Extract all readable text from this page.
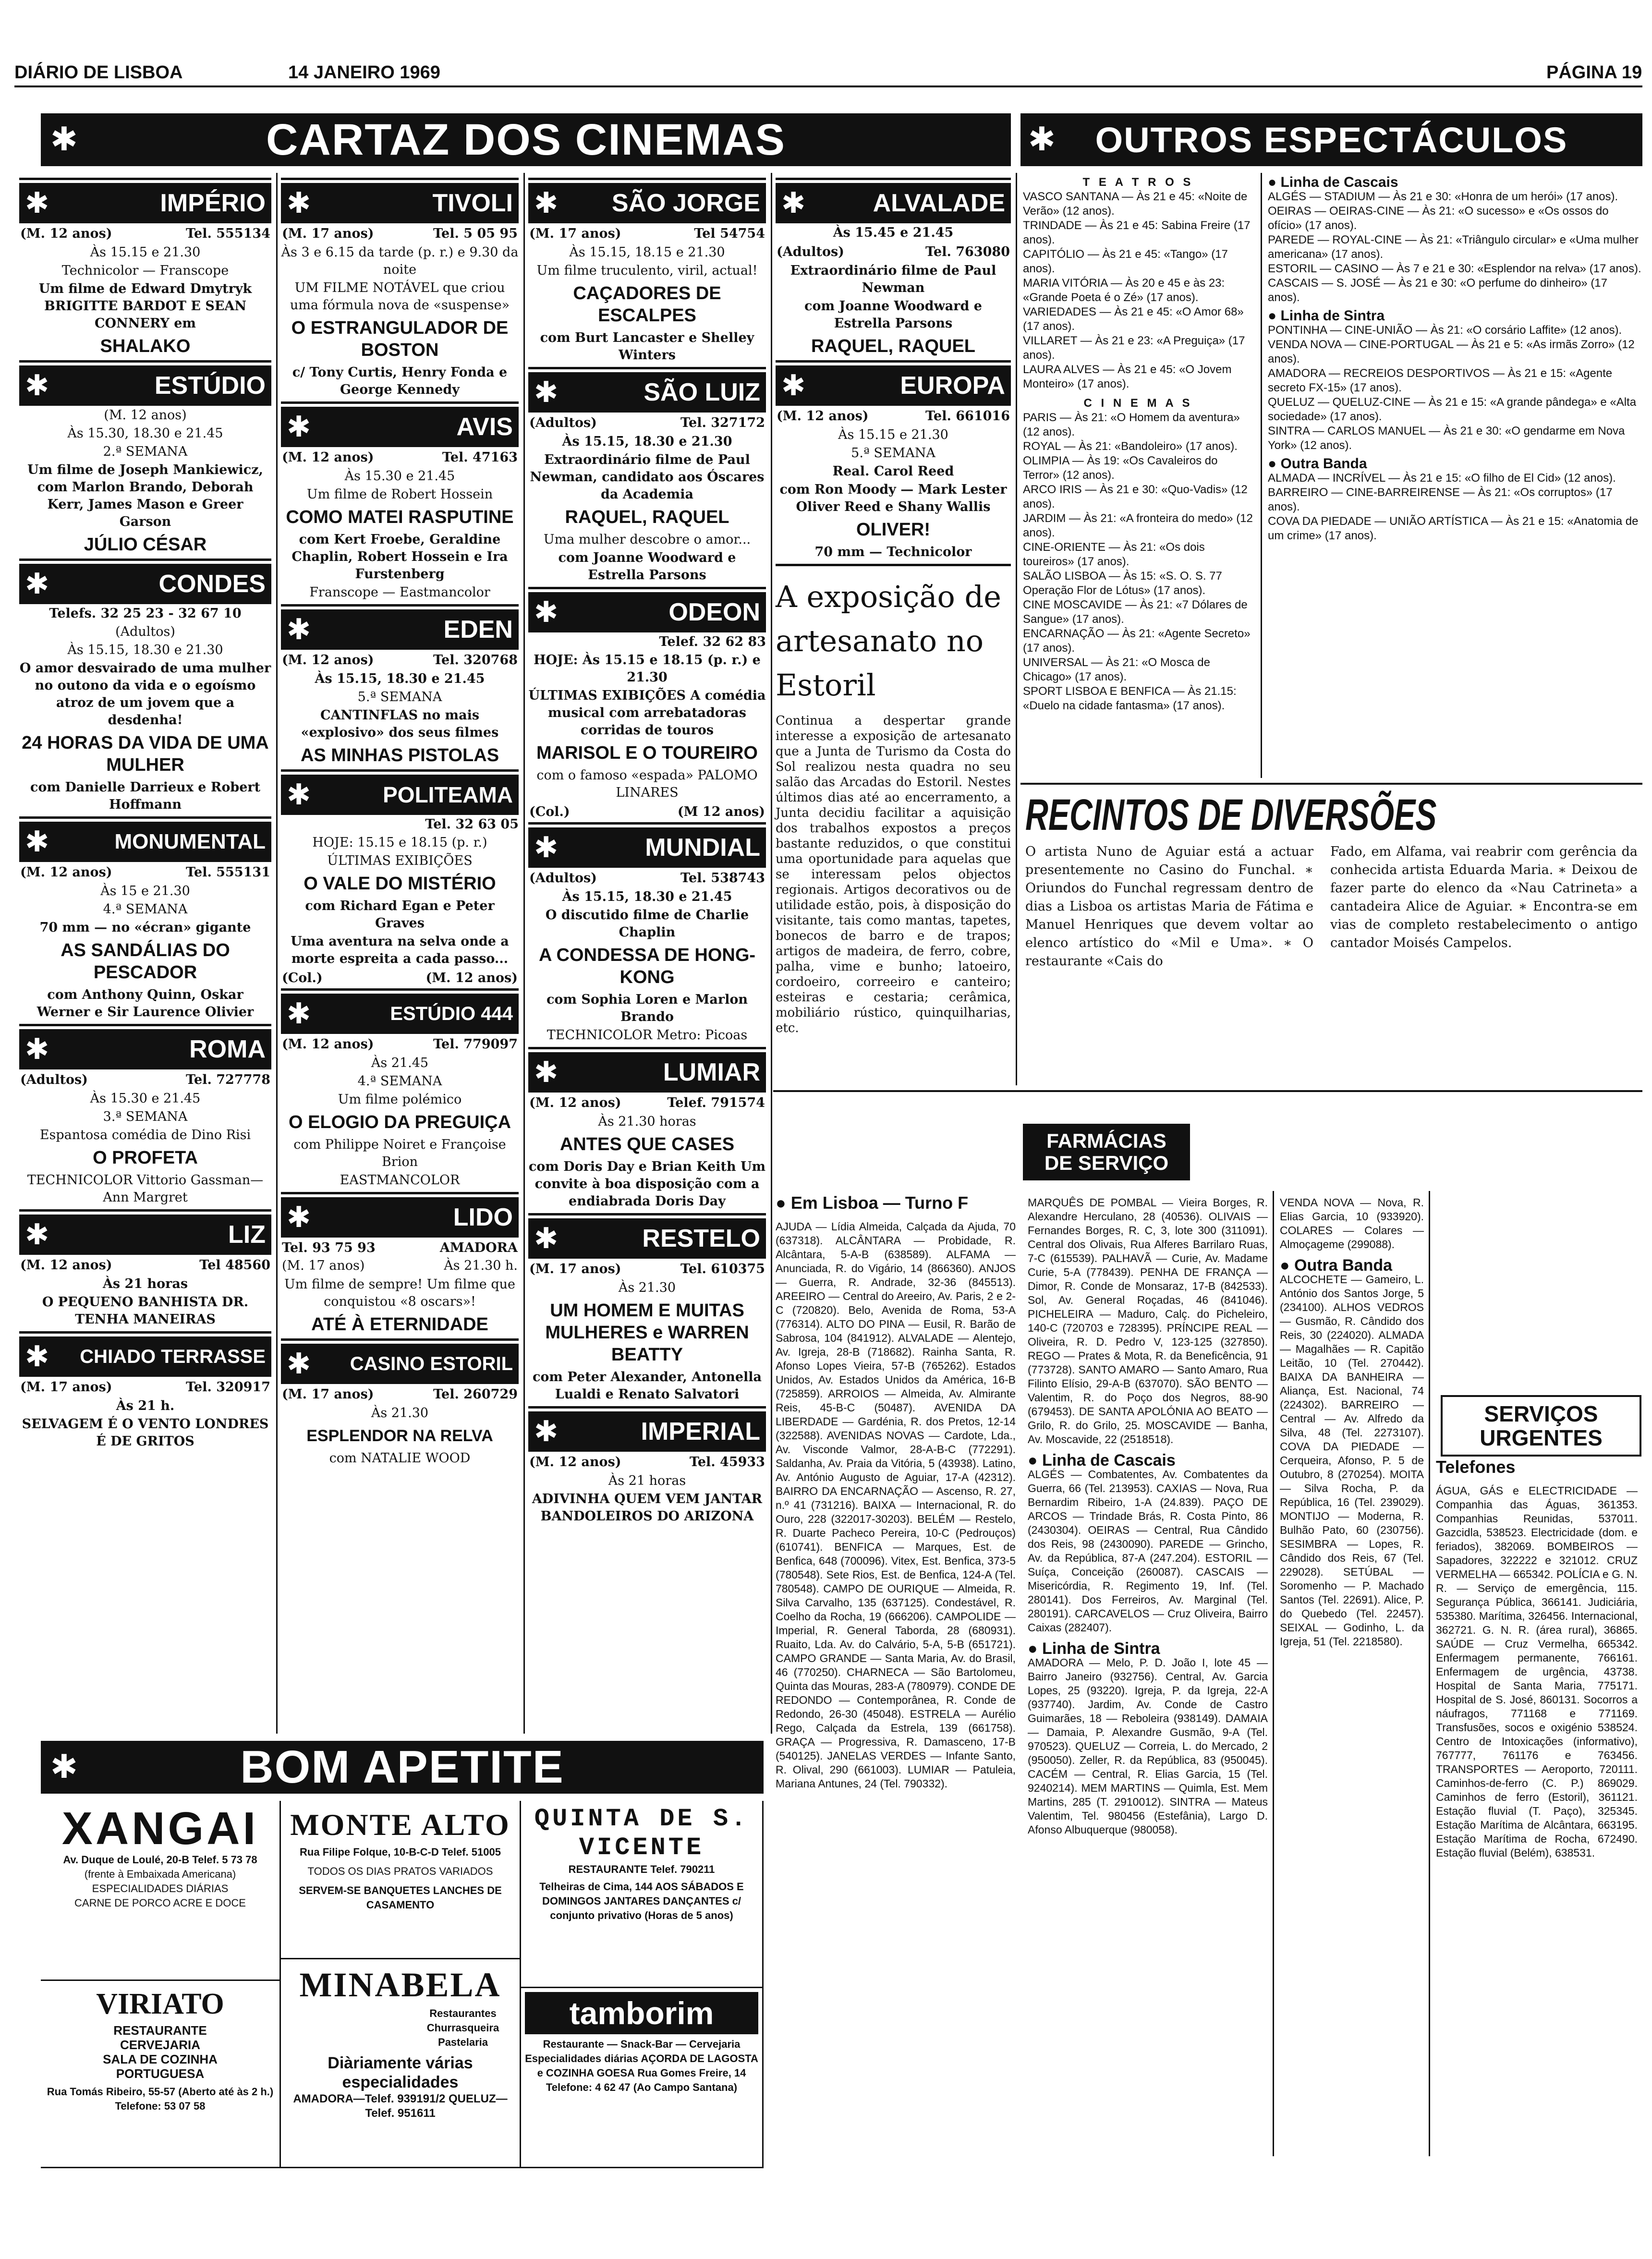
DIÁRIO DE LISBOA	14 JANEIRO 1969	PÁGINA 19
✱	CARTAZ DOS CINEMAS	✱ OUTROS ESPECTÁCULOS
✱	IMPÉRIO
(M. 12 anos)	Tel. 555134
Às 15.15 e 21.30
Technicolor — Franscope
Um filme de Edward Dmytryk BRIGITTE BARDOT E SEAN CONNERY em
SHALAKO
✱	ESTÚDIO
(M. 12 anos)
Às 15.30, 18.30 e 21.45
2.ª SEMANA
Um filme de Joseph Mankiewicz, com Marlon Brando, Deborah Kerr, James Mason e Greer Garson
JÚLIO CÉSAR
✱	CONDES
Telefs. 32 25 23 - 32 67 10
(Adultos)
Às 15.15, 18.30 e 21.30
O amor desvairado de uma mulher no outono da vida e o egoísmo atroz de um jovem que a desdenha!
24 HORAS DA VIDA DE UMA MULHER
com Danielle Darrieux e Robert Hoffmann
✱	MONUMENTAL
(M. 12 anos)	Tel. 555131
Às 15 e 21.30
4.ª SEMANA
70 mm — no «écran» gigante
AS SANDÁLIAS DO PESCADOR
com Anthony Quinn, Oskar Werner e Sir Laurence Olivier
✱	ROMA
(Adultos)	Tel. 727778
Às 15.30 e 21.45
3.ª SEMANA
Espantosa comédia de Dino Risi
O PROFETA
TECHNICOLOR Vittorio Gassman—Ann Margret
✱	LIZ
(M. 12 anos)	Tel 48560
Às 21 horas
O PEQUENO BANHISTA DR. TENHA MANEIRAS
✱ CHIADO TERRASSE
(M. 17 anos)	Tel. 320917
Às 21 h.
SELVAGEM É O VENTO LONDRES É DE GRITOS
✱	TIVOLI
(M. 17 anos)	Tel. 5 05 95
Às 3 e 6.15 da tarde (p. r.) e 9.30 da noite
UM FILME NOTÁVEL que criou uma fórmula nova de «suspense»
O ESTRANGULADOR DE BOSTON
c/ Tony Curtis, Henry Fonda e George Kennedy
✱	AVIS
(M. 12 anos)	Tel. 47163
Às 15.30 e 21.45
Um filme de Robert Hossein
COMO MATEI RASPUTINE
com Kert Froebe, Geraldine Chaplin, Robert Hossein e Ira Furstenberg
Franscope — Eastmancolor
✱	EDEN
(M. 12 anos)	Tel. 320768
Às 15.15, 18.30 e 21.45
5.ª SEMANA
CANTINFLAS no mais «explosivo» dos seus filmes
AS MINHAS PISTOLAS
✱	POLITEAMA
Tel. 32 63 05
HOJE: 15.15 e 18.15 (p. r.)
ÚLTIMAS EXIBIÇÕES
O VALE DO MISTÉRIO
com Richard Egan e Peter Graves
Uma aventura na selva onde a morte espreita a cada passo...
(Col.)	(M. 12 anos)
✱	ESTÚDIO 444
(M. 12 anos)	Tel. 779097
Às 21.45
4.ª SEMANA
Um filme polémico
O ELOGIO DA PREGUIÇA
com Philippe Noiret e Françoise Brion
EASTMANCOLOR
✱	LIDO
Tel. 93 75 93	AMADORA
(M. 17 anos)	Às 21.30 h.
Um filme de sempre! Um filme que conquistou «8 oscars»!
ATÉ À ETERNIDADE
✱ CASINO ESTORIL
(M. 17 anos)	Tel. 260729
Às 21.30
ESPLENDOR NA RELVA
com NATALIE WOOD
✱ SÃO JORGE
(M. 17 anos)	Tel 54754
Às 15.15, 18.15 e 21.30
Um filme truculento, viril, actual!
CAÇADORES DE ESCALPES
com Burt Lancaster e Shelley Winters
✱	SÃO LUIZ
(Adultos)	Tel. 327172
Às 15.15, 18.30 e 21.30
Extraordinário filme de Paul Newman, candidato aos Óscares da Academia
RAQUEL, RAQUEL
Uma mulher descobre o amor...
com Joanne Woodward e Estrella Parsons
✱	ODEON
Telef. 32 62 83
HOJE: Às 15.15 e 18.15 (p. r.) e 21.30
ÚLTIMAS EXIBIÇÕES A comédia musical com arrebatadoras corridas de touros
MARISOL E O TOUREIRO
com o famoso «espada» PALOMO LINARES
(Col.)	(M 12 anos)
✱	MUNDIAL
(Adultos)	Tel. 538743
Às 15.15, 18.30 e 21.45
O discutido filme de Charlie Chaplin
A CONDESSA DE HONG-KONG
com Sophia Loren e Marlon Brando
TECHNICOLOR Metro: Picoas
✱	LUMIAR
(M. 12 anos)	Telef. 791574
Às 21.30 horas
ANTES QUE CASES
com Doris Day e Brian Keith Um convite à boa disposição com a endiabrada Doris Day
✱	RESTELO
(M. 17 anos)	Tel. 610375
Às 21.30
UM HOMEM E MUITAS MULHERES e WARREN BEATTY
com Peter Alexander, Antonella Lualdi e Renato Salvatori
✱	IMPERIAL
(M. 12 anos)	Tel. 45933
Às 21 horas
ADIVINHA QUEM VEM JANTAR BANDOLEIROS DO ARIZONA
✱	ALVALADE
Às 15.45 e 21.45
(Adultos)	Tel. 763080
Extraordinário filme de Paul Newman
com Joanne Woodward e Estrella Parsons
RAQUEL, RAQUEL
✱	EUROPA
(M. 12 anos)	Tel. 661016
Às 15.15 e 21.30
5.ª SEMANA
Real. Carol Reed
com Ron Moody — Mark Lester Oliver Reed e Shany Wallis
OLIVER!
70 mm — Technicolor
A exposição de artesanato no Estoril
Continua a despertar grande interesse a exposição de artesanato que a Junta de Turismo da Costa do Sol realizou nesta quadra no seu salão das Arcadas do Estoril. Nestes últimos dias até ao encerramento, a Junta decidiu facilitar a aquisição dos trabalhos expostos a preços bastante reduzidos, o que constitui uma oportunidade para aquelas que se interessam pelos objectos regionais. Artigos decorativos ou de utilidade estão, pois, à disposição do visitante, tais como mantas, tapetes, bonecos de barro e de trapos; artigos de madeira, de ferro, cobre, palha, vime e bunho; latoeiro, cordoeiro, correeiro e canteiro; esteiras e cestaria; cerâmica, mobiliário rústico, quinquilharias, etc.
T E A T R O S
VASCO SANTANA — Às 21 e 45: «Noite de Verão» (12 anos).
TRINDADE — Às 21 e 45: Sabina Freire (17 anos).
CAPITÓLIO — Às 21 e 45: «Tango» (17 anos).
MARIA VITÓRIA — Às 20 e 45 e às 23: «Grande Poeta é o Zé» (17 anos).
VARIEDADES — Às 21 e 45: «O Amor 68» (17 anos).
VILLARET — Às 21 e 23: «A Preguiça» (17 anos).
LAURA ALVES — Às 21 e 45: «O Jovem Monteiro» (17 anos).
C I N E M A S
PARIS — Às 21: «O Homem da aventura» (12 anos).
ROYAL — Às 21: «Bandoleiro» (17 anos).
OLIMPIA — Às 19: «Os Cavaleiros do Terror» (12 anos).
ARCO IRIS — Às 21 e 30: «Quo-Vadis» (12 anos).
JARDIM — Às 21: «A fronteira do medo» (12 anos).
CINE-ORIENTE — Às 21: «Os dois toureiros» (17 anos).
SALÃO LISBOA — Às 15: «S. O. S. 77 Operação Flor de Lótus» (17 anos).
CINE MOSCAVIDE — Às 21: «7 Dólares de Sangue» (17 anos).
ENCARNAÇÃO — Às 21: «Agente Secreto» (17 anos).
UNIVERSAL — Às 21: «O Mosca de Chicago» (17 anos).
SPORT LISBOA E BENFICA — Às 21.15: «Duelo na cidade fantasma» (17 anos).
● Linha de Cascais
ALGÉS — STADIUM — Às 21 e 30: «Honra de um herói» (17 anos).
OEIRAS — OEIRAS-CINE — Às 21: «O sucesso» e «Os ossos do ofício» (17 anos).
PAREDE — ROYAL-CINE — Às 21: «Triângulo circular» e «Uma mulher americana» (17 anos).
ESTORIL — CASINO — Às 7 e 21 e 30: «Esplendor na relva» (17 anos).
CASCAIS — S. JOSÉ — Às 21 e 30: «O perfume do dinheiro» (17 anos).
● Linha de Sintra
PONTINHA — CINE-UNIÃO — Às 21: «O corsário Laffite» (12 anos).
VENDA NOVA — CINE-PORTUGAL — Às 21 e 5: «As irmãs Zorro» (12 anos).
AMADORA — RECREIOS DESPORTIVOS — Às 21 e 15: «Agente secreto FX-15» (17 anos).
QUELUZ — QUELUZ-CINE — Às 21 e 15: «A grande pândega» e «Alta sociedade» (17 anos).
SINTRA — CARLOS MANUEL — Às 21 e 30: «O gendarme em Nova York» (12 anos).
● Outra Banda
ALMADA — INCRÍVEL — Às 21 e 15: «O filho de El Cid» (12 anos).
BARREIRO — CINE-BARREIRENSE — Às 21: «Os corruptos» (17 anos).
COVA DA PIEDADE — UNIÃO ARTÍSTICA — Às 21 e 15: «Anatomia de um crime» (17 anos).
RECINTOS DE DIVERSÕES
O artista Nuno de Aguiar está a actuar presentemente no Casino do Funchal. ∗ Oriundos do Funchal regressam dentro de dias a Lisboa os artistas Maria de Fátima e Manuel Henriques que devem voltar ao elenco artístico do «Mil e Uma». ∗ O restaurante «Cais do
Fado, em Alfama, vai reabrir com gerência da conhecida artista Eduarda Maria. ∗ Deixou de fazer parte do elenco da «Nau Catrineta» a cantadeira Alice de Aguiar. ∗ Encontra-se em vias de completo restabelecimento o antigo cantador Moisés Campelos.
FARMÁCIAS
DE SERVIÇO
● Em Lisboa — Turno F
AJUDA — Lídia Almeida, Calçada da Ajuda, 70 (637318). ALCÂNTARA — Probidade, R. Alcântara, 5-A-B (638589). ALFAMA — Anunciada, R. do Vigário, 14 (866360). ANJOS — Guerra, R. Andrade, 32-36 (845513). AREEIRO — Central do Areeiro, Av. Paris, 2 e 2-C (720820). Belo, Avenida de Roma, 53-A (776314). ALTO DO PINA — Eusil, R. Barão de Sabrosa, 104 (841912). ALVALADE — Alentejo, Av. Igreja, 28-B (718682). Rainha Santa, R. Afonso Lopes Vieira, 57-B (765262). Estados Unidos, Av. Estados Unidos da América, 16-B (725859). ARROIOS — Almeida, Av. Almirante Reis, 45-B-C (50487). AVENIDA DA LIBERDADE — Gardénia, R. dos Pretos, 12-14 (322588). AVENIDAS NOVAS — Cardote, Lda., Av. Visconde Valmor, 28-A-B-C (772291). Saldanha, Av. Praia da Vitória, 5 (43938). Latino, Av. António Augusto de Aguiar, 17-A (42312). BAIRRO DA ENCARNAÇÃO — Ascenso, R. 27, n.º 41 (731216). BAIXA — Internacional, R. do Ouro, 228 (322017-30203). BELÉM — Restelo, R. Duarte Pacheco Pereira, 10-C (Pedrouços) (610741). BENFICA — Marques, Est. de Benfica, 648 (700096). Vitex, Est. Benfica, 373-5 (780548). Sete Rios, Est. de Benfica, 124-A (Tel. 780548). CAMPO DE OURIQUE — Almeida, R. Silva Carvalho, 135 (637125). Condestável, R. Coelho da Rocha, 19 (666206). CAMPOLIDE — Imperial, R. General Taborda, 28 (680931). Ruaito, Lda. Av. do Calvário, 5-A, 5-B (651721). CAMPO GRANDE — Santa Maria, Av. do Brasil, 46 (770250). CHARNECA — São Bartolomeu, Quinta das Mouras, 283-A (780979). CONDE DE REDONDO — Contemporânea, R. Conde de Redondo, 26-30 (45048). ESTRELA — Aurélio Rego, Calçada da Estrela, 139 (661758). GRAÇA — Progressiva, R. Damasceno, 17-B (540125). JANELAS VERDES — Infante Santo, R. Olival, 290 (661003). LUMIAR — Patuleia, Mariana Antunes, 24 (Tel. 790332).
MARQUÊS DE POMBAL — Vieira Borges, R. Alexandre Herculano, 28 (40536). OLIVAIS — Fernandes Borges, R. C, 3, lote 300 (311091). Central dos Olivais, Rua Alferes Barrilaro Ruas, 7-C (615539). PALHAVÃ — Curie, Av. Madame Curie, 5-A (778439). PENHA DE FRANÇA — Dimor, R. Conde de Monsaraz, 17-B (842533). Sol, Av. General Roçadas, 46 (841046). PICHELEIRA — Maduro, Calç. do Picheleiro, 140-C (720703 e 728395). PRÍNCIPE REAL — Oliveira, R. D. Pedro V, 123-125 (327850). REGO — Prates & Mota, R. da Beneficência, 91 (773728). SANTO AMARO — Santo Amaro, Rua Filinto Elísio, 29-A-B (637070). SÃO BENTO — Valentim, R. do Poço dos Negros, 88-90 (679453). DE SANTA APOLÓNIA AO BEATO — Grilo, R. do Grilo, 25. MOSCAVIDE — Banha, Av. Moscavide, 22 (2518518).
● Linha de Cascais
ALGÉS — Combatentes, Av. Combatentes da Guerra, 66 (Tel. 213953). CAXIAS — Nova, Rua Bernardim Ribeiro, 1-A (24.839). PAÇO DE ARCOS — Trindade Brás, R. Costa Pinto, 86 (2430304). OEIRAS — Central, Rua Cândido dos Reis, 98 (2430090). PAREDE — Grincho, Av. da República, 87-A (247.204). ESTORIL — Suíça, Conceição (260087). CASCAIS — Misericórdia, R. Regimento 19, Inf. (Tel. 280141). Dos Ferreiros, Av. Marginal (Tel. 280191). CARCAVELOS — Cruz Oliveira, Bairro Caixas (282407).
● Linha de Sintra
AMADORA — Melo, P. D. João I, lote 45 — Bairro Janeiro (932756). Central, Av. Garcia Lopes, 25 (93220). Igreja, P. da Igreja, 22-A (937740). Jardim, Av. Conde de Castro Guimarães, 18 — Reboleira (938149). DAMAIA — Damaia, P. Alexandre Gusmão, 9-A (Tel. 970523). QUELUZ — Correia, L. do Mercado, 2 (950050). Zeller, R. da República, 83 (950045). CACÉM — Central, R. Elias Garcia, 15 (Tel. 9240214). MEM MARTINS — Quimla, Est. Mem Martins, 285 (T. 2910012). SINTRA — Mateus Valentim, Tel. 980456 (Estefânia), Largo D. Afonso Albuquerque (980058).
VENDA NOVA — Nova, R. Elias Garcia, 10 (933920). COLARES — Colares — Almoçageme (299088).
● Outra Banda
ALCOCHETE — Gameiro, L. António dos Santos Jorge, 5 (234100). ALHOS VEDROS — Gusmão, R. Cândido dos Reis, 30 (224020). ALMADA — Magalhães — R. Capitão Leitão, 10 (Tel. 270442). BAIXA DA BANHEIRA — Aliança, Est. Nacional, 74 (224302). BARREIRO — Central — Av. Alfredo da Silva, 48 (Tel. 2273107). COVA DA PIEDADE — Cerqueira, Afonso, P. 5 de Outubro, 8 (270254). MOITA — Silva Rocha, P. da República, 16 (Tel. 239029). MONTIJO — Moderna, R. Bulhão Pato, 60 (230756). SESIMBRA — Lopes, R. Cândido dos Reis, 67 (Tel. 229028). SETÚBAL — Soromenho — P. Machado Santos (Tel. 22691). Alice, P. do Quebedo (Tel. 22457). SEIXAL — Godinho, L. da Igreja, 51 (Tel. 2218580).
SERVIÇOS
URGENTES
Telefones
ÁGUA, GÁS e ELECTRICIDADE — Companhia das Águas, 361353. Companhias Reunidas, 537011. Gazcidla, 538523. Electricidade (dom. e feriados), 382069. BOMBEIROS — Sapadores, 322222 e 321012. CRUZ VERMELHA — 665342. POLÍCIA e G. N. R. — Serviço de emergência, 115. Segurança Pública, 366141. Judiciária, 535380. Marítima, 326456. Internacional, 362721. G. N. R. (área rural), 36865. SAÚDE — Cruz Vermelha, 665342. Enfermagem permanente, 766161. Enfermagem de urgência, 43738. Hospital de Santa Maria, 775171. Hospital de S. José, 860131. Socorros a náufragos, 771168 e 771169. Transfusões, socos e oxigénio 538524. Centro de Intoxicações (informativo), 767777, 761176 e 763456. TRANSPORTES — Aeroporto, 720111. Caminhos-de-ferro (C. P.) 869029. Caminhos de ferro (Estoril), 361121. Estação fluvial (T. Paço), 325345. Estação Marítima de Alcântara, 663195. Estação Marítima de Rocha, 672490. Estação fluvial (Belém), 638531.
✱	BOM APETITE
XANGAI
Av. Duque de Loulé, 20-B Telef. 5 73 78
(frente à Embaixada Americana)
ESPECIALIDADES DIÁRIAS
CARNE DE PORCO ACRE E DOCE
VIRIATO
RESTAURANTE CERVEJARIA SALA DE COZINHA PORTUGUESA
Rua Tomás Ribeiro, 55-57 (Aberto até às 2 h.) Telefone: 53 07 58
MONTE ALTO
Rua Filipe Folque, 10-B-C-D Telef. 51005
TODOS OS DIAS PRATOS VARIADOS
SERVEM-SE BANQUETES LANCHES DE CASAMENTO
MINABELA
Restaurantes Churrasqueira Pastelaria
Diàriamente várias especialidades
AMADORA—Telef. 939191/2 QUELUZ—Telef. 951611
QUINTA DE S. VICENTE
RESTAURANTE Telef. 790211
Telheiras de Cima, 144 AOS SÁBADOS E DOMINGOS JANTARES DANÇANTES c/ conjunto privativo (Horas de 5 anos)
tamborim
Restaurante — Snack-Bar — Cervejaria
Especialidades diárias AÇORDA DE LAGOSTA e COZINHA GOESA Rua Gomes Freire, 14 Telefone: 4 62 47 (Ao Campo Santana)
